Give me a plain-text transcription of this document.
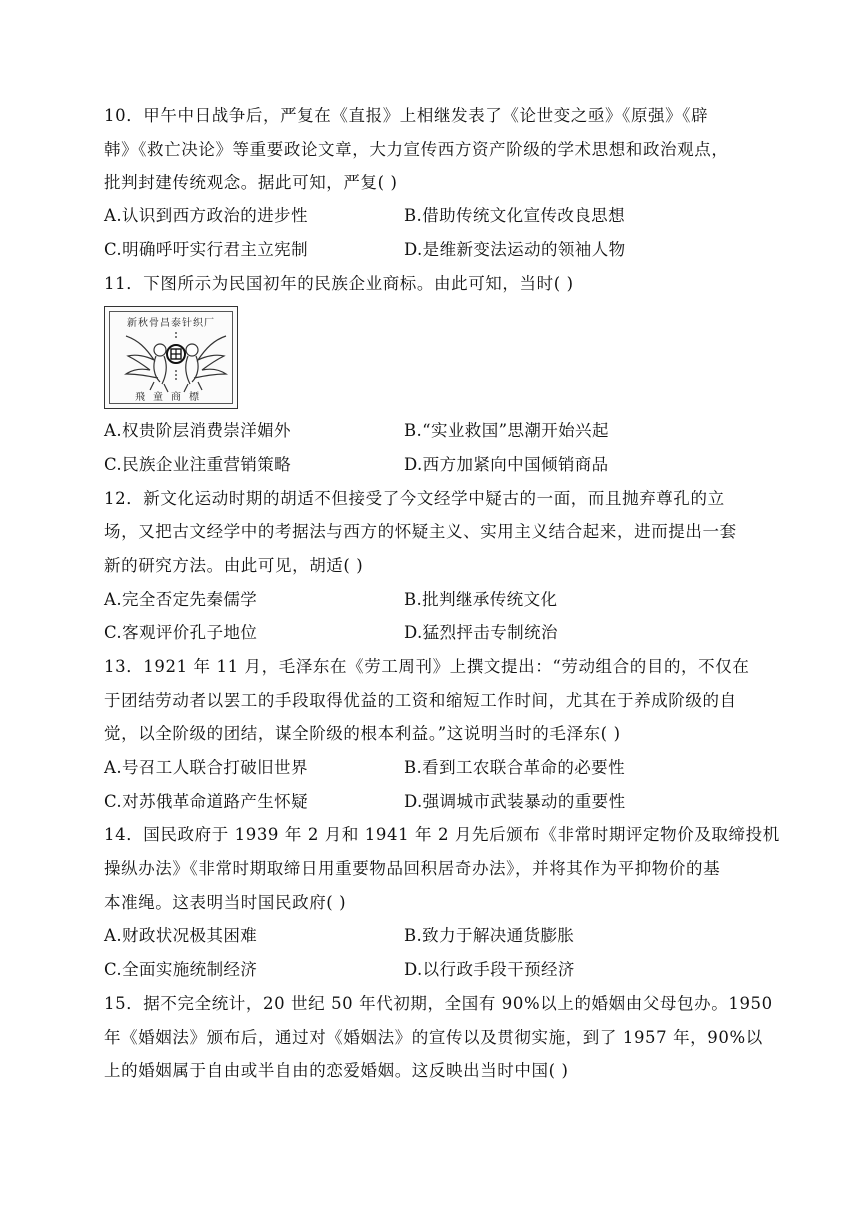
10．甲午中日战争后，严复在《直报》上相继发表了《论世变之亟》《原强》《辟
韩》《救亡决论》等重要政论文章，大力宣传西方资产阶级的学术思想和政治观点，
批判封建传统观念。据此可知，严复( )
A.认识到西方政治的进步性	B.借助传统文化宣传改良思想
C.明确呼吁实行君主立宪制	D.是维新变法运动的领袖人物
11．下图所示为民国初年的民族企业商标。由此可知，当时( )
新秋骨昌泰针织厂
飛童商標
A.权贵阶层消费崇洋媚外	B.“实业救国”思潮开始兴起
C.民族企业注重营销策略	D.西方加紧向中国倾销商品
12．新文化运动时期的胡适不但接受了今文经学中疑古的一面，而且抛弃尊孔的立
场，又把古文经学中的考据法与西方的怀疑主义、实用主义结合起来，进而提出一套
新的研究方法。由此可见，胡适( )
A.完全否定先秦儒学	B.批判继承传统文化
C.客观评价孔子地位	D.猛烈抨击专制统治
13．1921 年 11 月，毛泽东在《劳工周刊》上撰文提出：“劳动组合的目的，不仅在
于团结劳动者以罢工的手段取得优益的工资和缩短工作时间，尤其在于养成阶级的自
觉，以全阶级的团结，谋全阶级的根本利益。”这说明当时的毛泽东( )
A.号召工人联合打破旧世界	B.看到工农联合革命的必要性
C.对苏俄革命道路产生怀疑	D.强调城市武装暴动的重要性
14．国民政府于 1939 年 2 月和 1941 年 2 月先后颁布《非常时期评定物价及取缔投机
操纵办法》《非常时期取缔日用重要物品回积居奇办法》，并将其作为平抑物价的基
本准绳。这表明当时国民政府( )
A.财政状况极其困难	B.致力于解决通货膨胀
C.全面实施统制经济	D.以行政手段干预经济
15．据不完全统计，20 世纪 50 年代初期，全国有 90%以上的婚姻由父母包办。1950
年《婚姻法》颁布后，通过对《婚姻法》的宣传以及贯彻实施，到了 1957 年，90%以
上的婚姻属于自由或半自由的恋爱婚姻。这反映出当时中国( )
